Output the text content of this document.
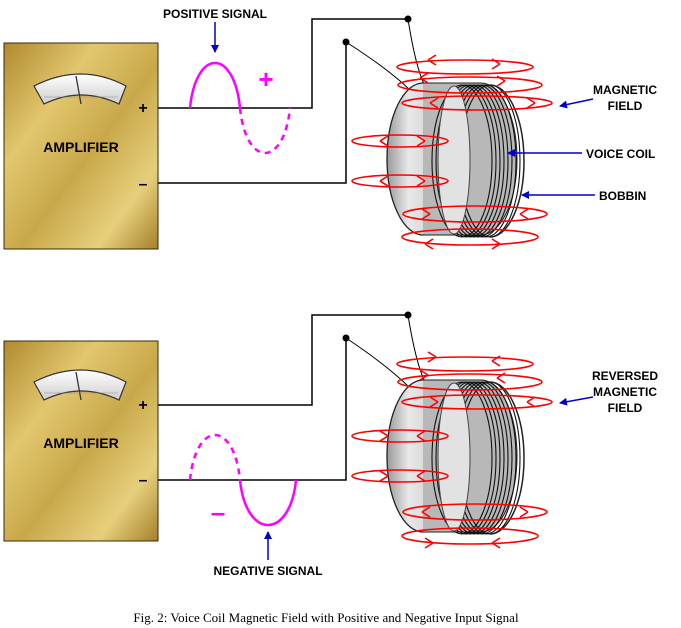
AMPLIFIER
+
–
POSITIVE SIGNAL
+	MAGNETIC
FIELD
VOICE COIL
BOBBIN
AMPLIFIER
+
–
–
NEGATIVE SIGNAL
REVERSED
MAGNETIC
FIELD
Fig. 2: Voice Coil Magnetic Field with Positive and Negative Input Signal
